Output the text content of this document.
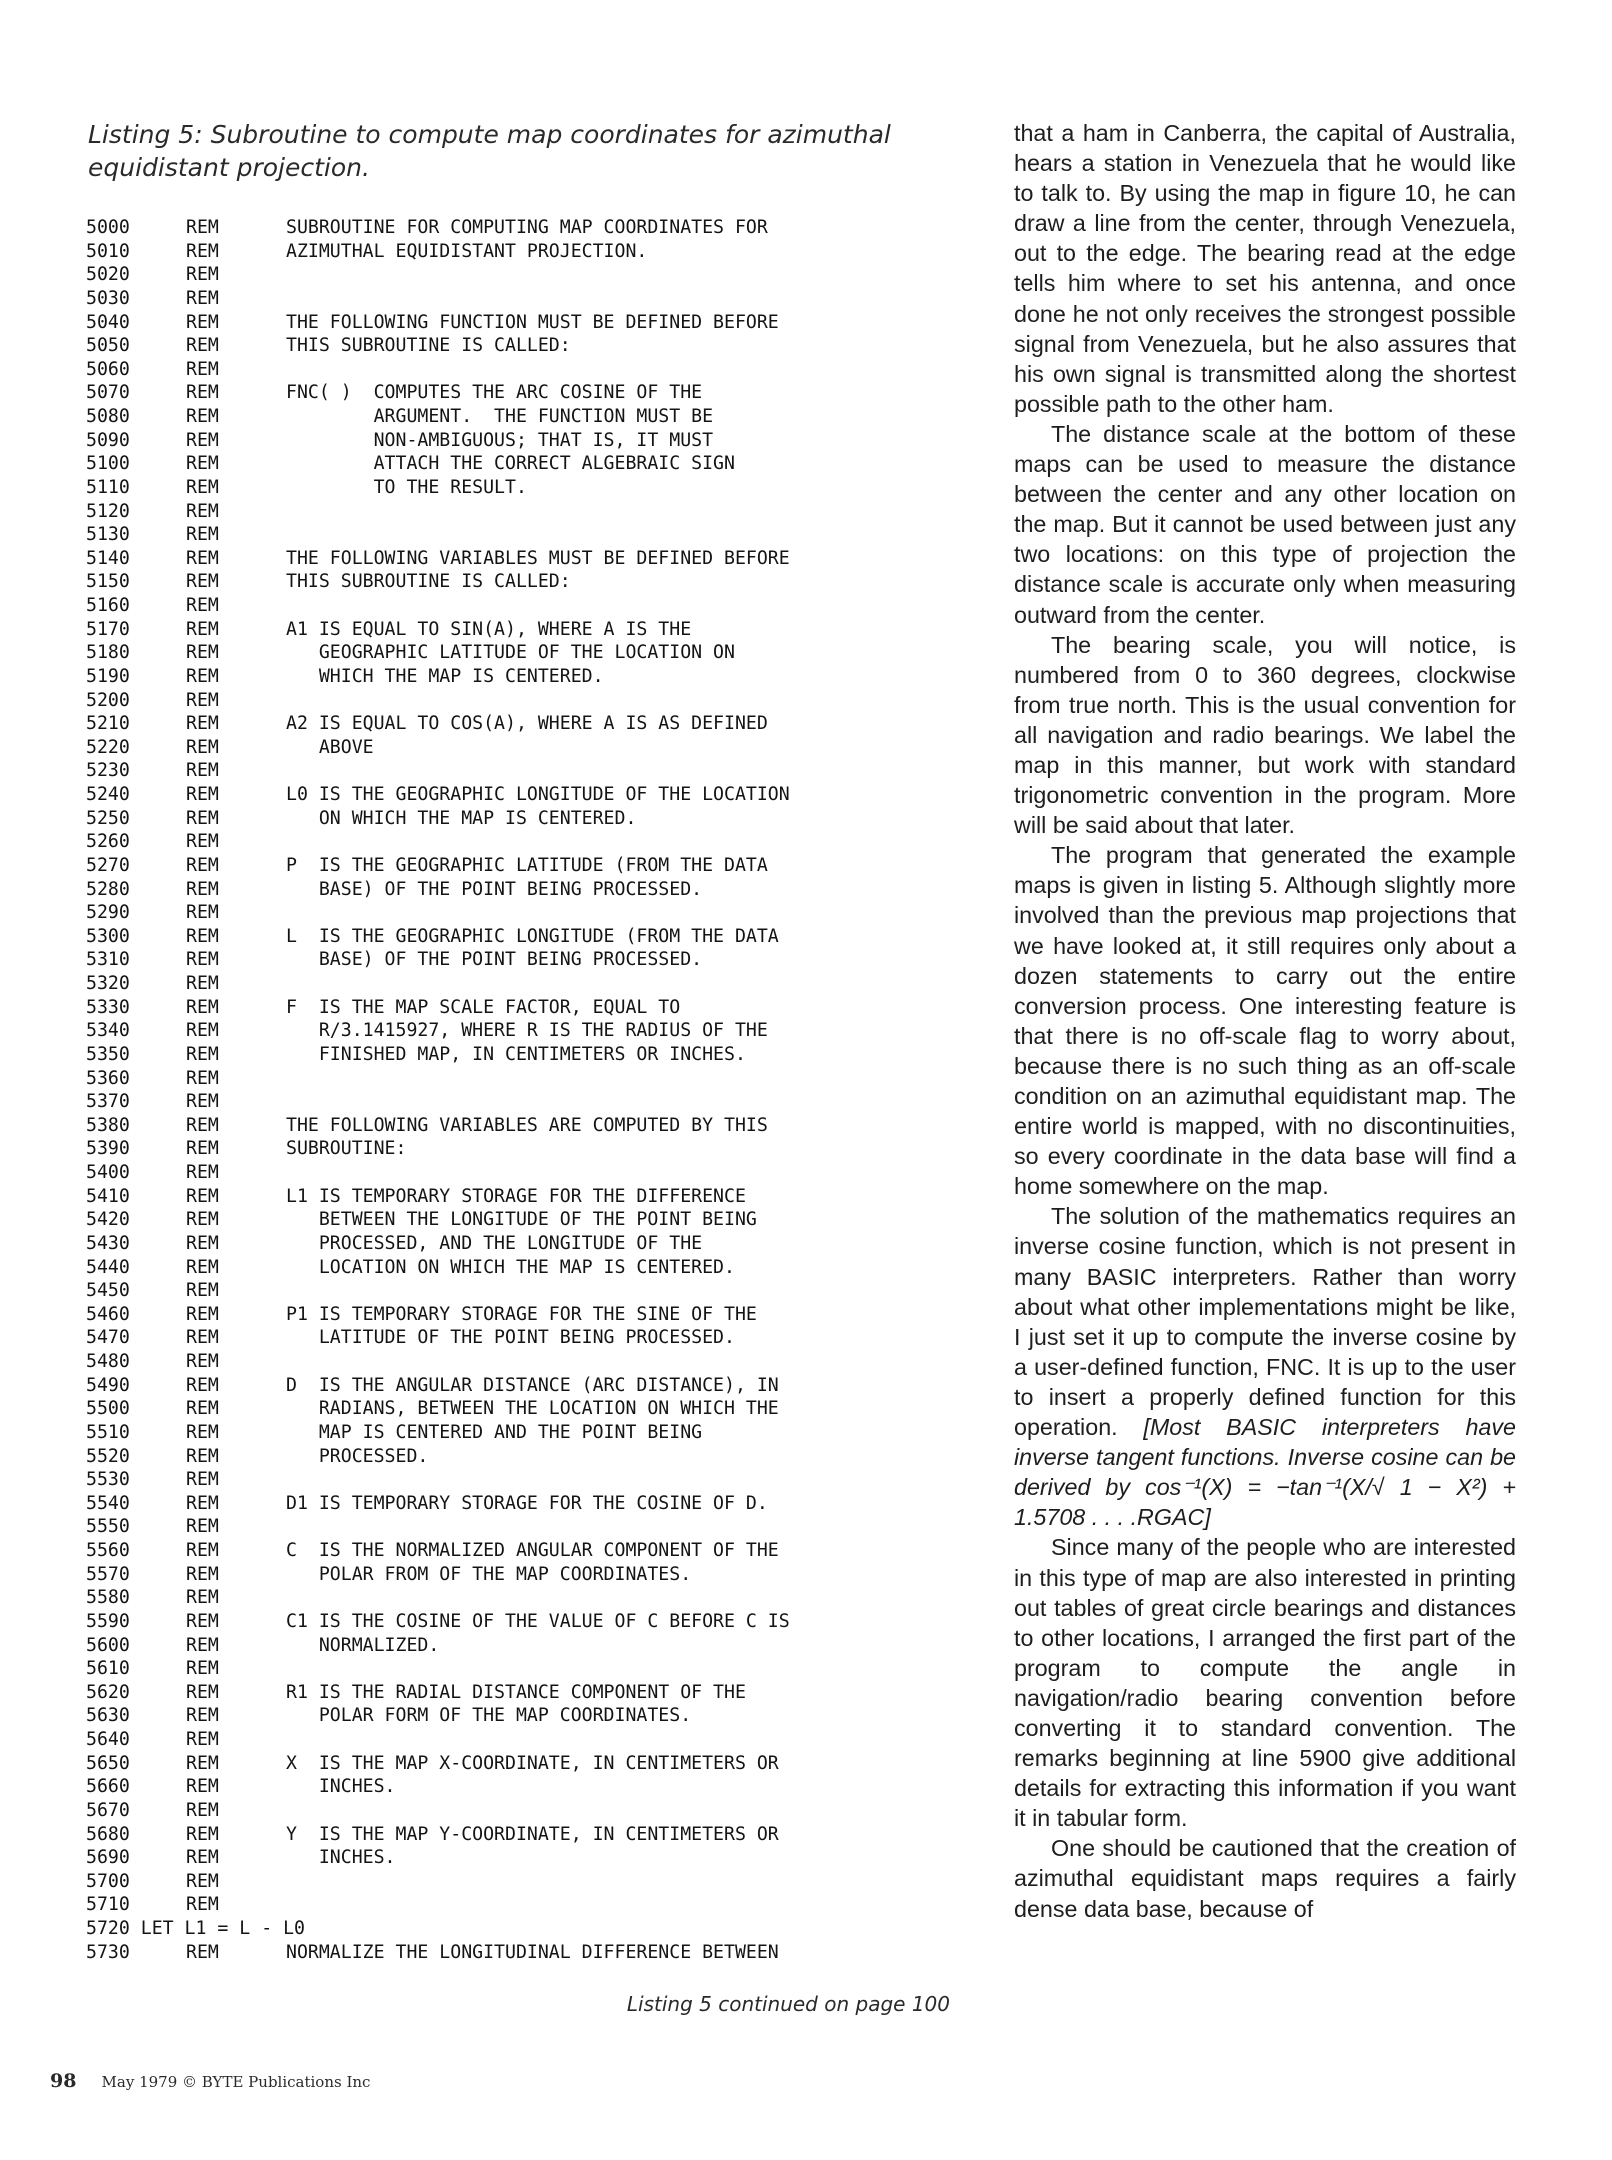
Listing 5: Subroutine to compute map coordinates for azimuthal equidistant projection.
5000	REM	SUBROUTINE FOR COMPUTING MAP COORDINATES FOR
5010	REM	AZIMUTHAL EQUIDISTANT PROJECTION.
5020	REM
5030	REM
5040	REM	THE FOLLOWING FUNCTION MUST BE DEFINED BEFORE
5050	REM	THIS SUBROUTINE IS CALLED:
5060	REM
5070	REM	FNC( )  COMPUTES THE ARC COSINE OF THE
5080	REM	ARGUMENT.  THE FUNCTION MUST BE
5090	REM	NON-AMBIGUOUS; THAT IS, IT MUST
5100	REM	ATTACH THE CORRECT ALGEBRAIC SIGN
5110	REM	TO THE RESULT.
5120	REM
5130	REM
5140	REM	THE FOLLOWING VARIABLES MUST BE DEFINED BEFORE
5150	REM	THIS SUBROUTINE IS CALLED:
5160	REM
5170	REM	A1 IS EQUAL TO SIN(A), WHERE A IS THE
5180	REM	GEOGRAPHIC LATITUDE OF THE LOCATION ON
5190	REM	WHICH THE MAP IS CENTERED.
5200	REM
5210	REM	A2 IS EQUAL TO COS(A), WHERE A IS AS DEFINED
5220	REM	ABOVE
5230	REM
5240	REM	L0 IS THE GEOGRAPHIC LONGITUDE OF THE LOCATION
5250	REM	ON WHICH THE MAP IS CENTERED.
5260	REM
5270	REM	P  IS THE GEOGRAPHIC LATITUDE (FROM THE DATA
5280	REM	BASE) OF THE POINT BEING PROCESSED.
5290	REM
5300	REM	L  IS THE GEOGRAPHIC LONGITUDE (FROM THE DATA
5310	REM	BASE) OF THE POINT BEING PROCESSED.
5320	REM
5330	REM	F  IS THE MAP SCALE FACTOR, EQUAL TO
5340	REM	R/3.1415927, WHERE R IS THE RADIUS OF THE
5350	REM	FINISHED MAP, IN CENTIMETERS OR INCHES.
5360	REM
5370	REM
5380	REM	THE FOLLOWING VARIABLES ARE COMPUTED BY THIS
5390	REM	SUBROUTINE:
5400	REM
5410	REM	L1 IS TEMPORARY STORAGE FOR THE DIFFERENCE
5420	REM	BETWEEN THE LONGITUDE OF THE POINT BEING
5430	REM	PROCESSED, AND THE LONGITUDE OF THE
5440	REM	LOCATION ON WHICH THE MAP IS CENTERED.
5450	REM
5460	REM	P1 IS TEMPORARY STORAGE FOR THE SINE OF THE
5470	REM	LATITUDE OF THE POINT BEING PROCESSED.
5480	REM
5490	REM	D  IS THE ANGULAR DISTANCE (ARC DISTANCE), IN
5500	REM	RADIANS, BETWEEN THE LOCATION ON WHICH THE
5510	REM	MAP IS CENTERED AND THE POINT BEING
5520	REM	PROCESSED.
5530	REM
5540	REM	D1 IS TEMPORARY STORAGE FOR THE COSINE OF D.
5550	REM
5560	REM	C  IS THE NORMALIZED ANGULAR COMPONENT OF THE
5570	REM	POLAR FROM OF THE MAP COORDINATES.
5580	REM
5590	REM	C1 IS THE COSINE OF THE VALUE OF C BEFORE C IS
5600	REM	NORMALIZED.
5610	REM
5620	REM	R1 IS THE RADIAL DISTANCE COMPONENT OF THE
5630	REM	POLAR FORM OF THE MAP COORDINATES.
5640	REM
5650	REM	X  IS THE MAP X-COORDINATE, IN CENTIMETERS OR
5660	REM	INCHES.
5670	REM
5680	REM	Y  IS THE MAP Y-COORDINATE, IN CENTIMETERS OR
5690	REM	INCHES.
5700	REM
5710	REM
5720 LET L1 = L - L0
5730	REM	NORMALIZE THE LONGITUDINAL DIFFERENCE BETWEEN
Listing 5 continued on page 100
98 May 1979 © BYTE Publications Inc

that a ham in Canberra, the capital of Australia, hears a station in Venezuela that he would like to talk to. By using the map in figure 10, he can draw a line from the center, through Venezuela, out to the edge. The bearing read at the edge tells him where to set his antenna, and once done he not only receives the strongest possible signal from Venezuela, but he also assures that his own signal is transmitted along the shortest possible path to the other ham.

The distance scale at the bottom of these maps can be used to measure the distance between the center and any other location on the map. But it cannot be used between just any two locations: on this type of projection the distance scale is accurate only when measuring outward from the center.

The bearing scale, you will notice, is numbered from 0 to 360 degrees, clockwise from true north. This is the usual convention for all navigation and radio bearings. We label the map in this manner, but work with standard trigonometric convention in the program. More will be said about that later.

The program that generated the example maps is given in listing 5. Although slightly more involved than the previous map projections that we have looked at, it still requires only about a dozen statements to carry out the entire conversion process. One interesting feature is that there is no off-scale flag to worry about, because there is no such thing as an off-scale condition on an azimuthal equidistant map. The entire world is mapped, with no discontinuities, so every coordinate in the data base will find a home somewhere on the map.

The solution of the mathematics requires an inverse cosine function, which is not present in many BASIC interpreters. Rather than worry about what other implementations might be like, I just set it up to compute the inverse cosine by a user-defined function, FNC. It is up to the user to insert a properly defined function for this operation. [Most BASIC interpreters have inverse tangent functions. Inverse cosine can be derived by cos⁻¹(X) = −tan⁻¹(X/√ 1 − X²) + 1.5708 . . . .RGAC]

Since many of the people who are interested in this type of map are also interested in printing out tables of great circle bearings and distances to other locations, I arranged the first part of the program to compute the angle in navigation/radio bearing convention before converting it to standard convention. The remarks beginning at line 5900 give additional details for extracting this information if you want it in tabular form.

One should be cautioned that the creation of azimuthal equidistant maps requires a fairly dense data base, because of
